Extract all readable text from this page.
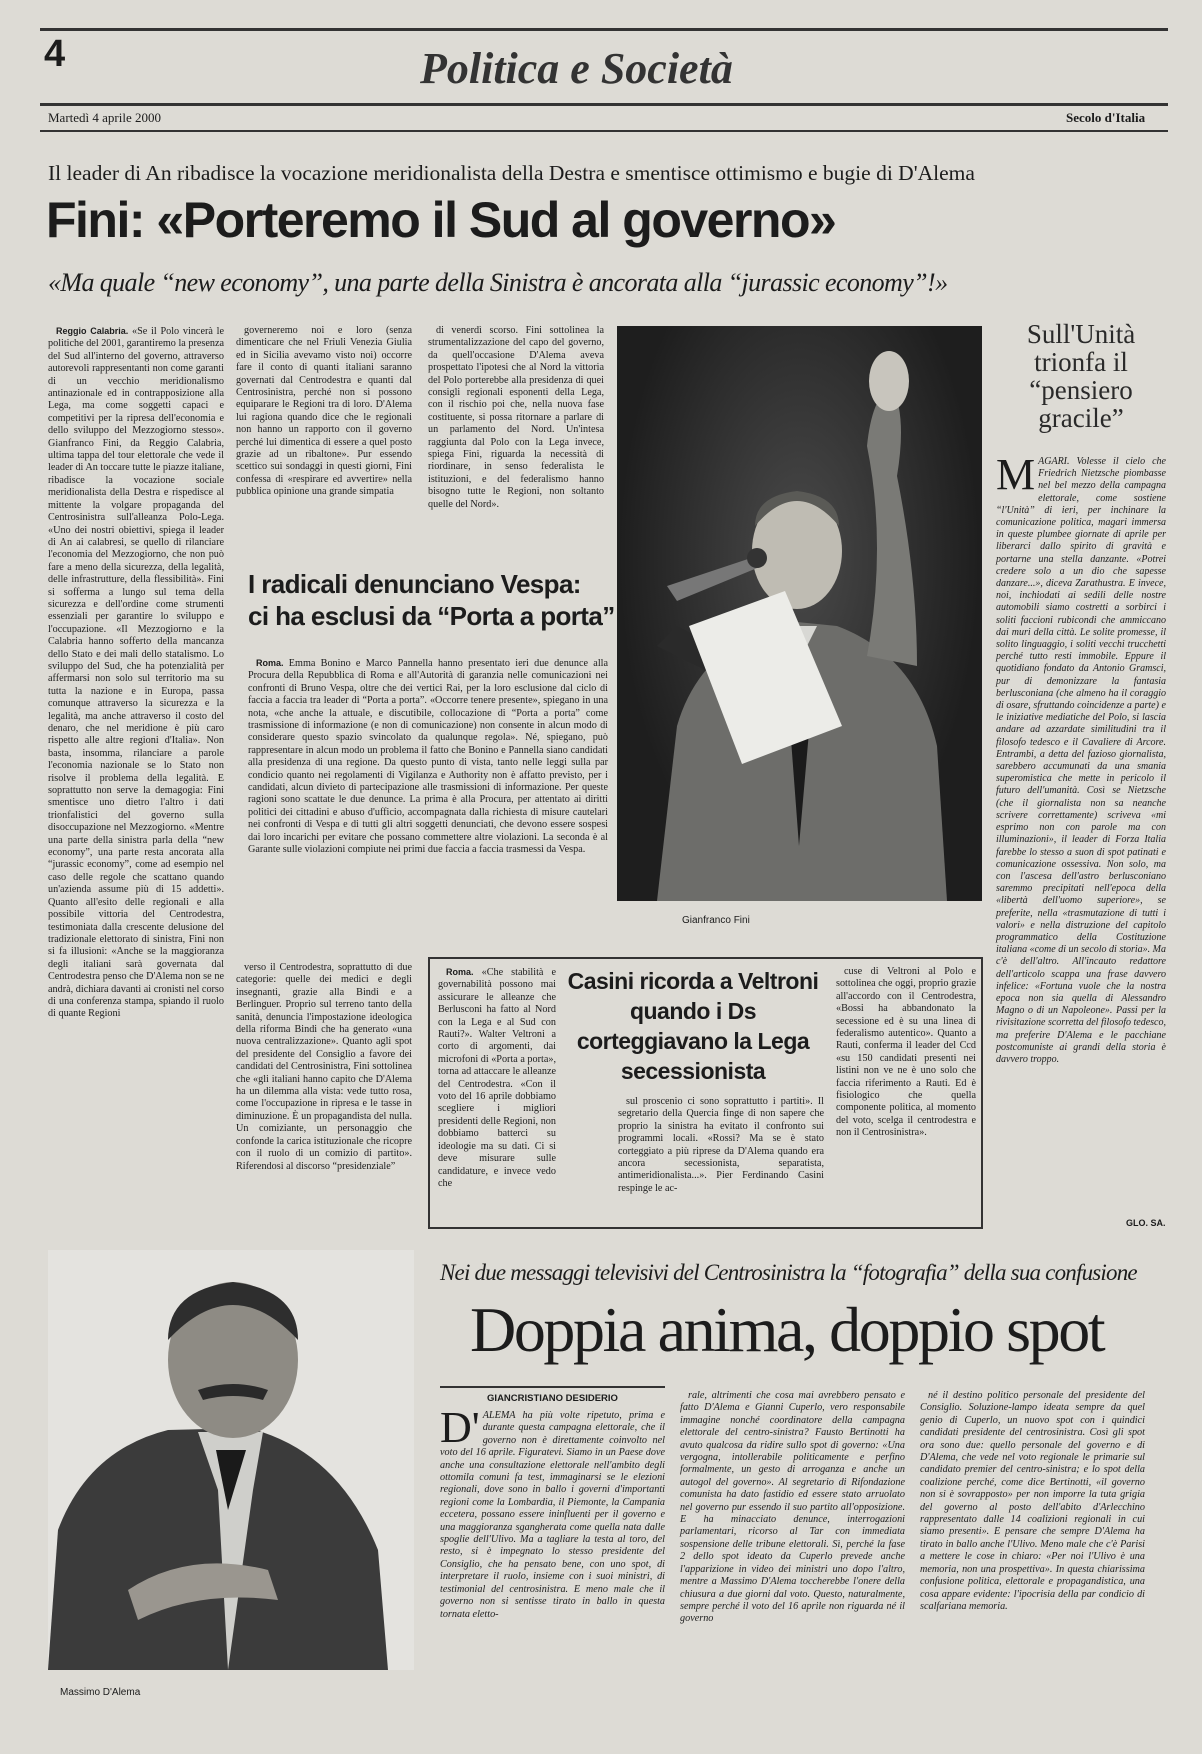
4	Politica e Società
Martedì 4 aprile 2000	Secolo d'Italia
Il leader di An ribadisce la vocazione meridionalista della Destra e smentisce ottimismo e bugie di D'Alema
Fini: «Porteremo il Sud al governo»
«Ma quale “new economy”, una parte della Sinistra è ancorata alla “jurassic economy”!»

Reggio Calabria. «Se il Polo vincerà le politiche del 2001, garantiremo la presenza del Sud all'interno del governo, attraverso autorevoli rappresentanti non come garanti di un vecchio meridionalismo antinazionale ed in contrapposizione alla Lega, ma come soggetti capaci e competitivi per la ripresa dell'economia e dello sviluppo del Mezzogiorno stesso». Gianfranco Fini, da Reggio Calabria, ultima tappa del tour elettorale che vede il leader di An toccare tutte le piazze italiane, ribadisce la vocazione sociale meridionalista della Destra e rispedisce al mittente la volgare propaganda del Centrosinistra sull'alleanza Polo-Lega. «Uno dei nostri obiettivi, spiega il leader di An ai calabresi, se quello di rilanciare l'economia del Mezzogiorno, che non può fare a meno della sicurezza, della legalità, delle infrastrutture, della flessibilità». Fini si sofferma a lungo sul tema della sicurezza e dell'ordine come strumenti essenziali per garantire lo sviluppo e l'occupazione. «Il Mezzogiorno e la Calabria hanno sofferto della mancanza dello Stato e dei mali dello statalismo. Lo sviluppo del Sud, che ha potenzialità per affermarsi non solo sul territorio ma su tutta la nazione e in Europa, passa comunque attraverso la sicurezza e la legalità, ma anche attraverso il costo del denaro, che nel meridione è più caro rispetto alle altre regioni d'Italia». Non basta, insomma, rilanciare a parole l'economia nazionale se lo Stato non risolve il problema della legalità. E soprattutto non serve la demagogia: Fini smentisce uno dietro l'altro i dati trionfalistici del governo sulla disoccupazione nel Mezzogiorno. «Mentre una parte della sinistra parla della “new economy”, una parte resta ancorata alla “jurassic economy”, come ad esempio nel caso delle regole che scattano quando un'azienda assume più di 15 addetti». Quanto all'esito delle regionali e alla possibile vittoria del Centrodestra, testimoniata dalla crescente delusione del tradizionale elettorato di sinistra, Fini non si fa illusioni: «Anche se la maggioranza degli italiani sarà governata dal Centrodestra penso che D'Alema non se ne andrà, dichiara davanti ai cronisti nel corso di una conferenza stampa, spiando il ruolo di quante Regioni

governeremo noi e loro (senza dimenticare che nel Friuli Venezia Giulia ed in Sicilia avevamo visto noi) occorre fare il conto di quanti italiani saranno governati dal Centrodestra e quanti dal Centrosinistra, perché non si possono equiparare le Regioni tra di loro. D'Alema lui ragiona quando dice che le regionali non hanno un rapporto con il governo perché lui dimentica di essere a quel posto grazie ad un ribaltone». Pur essendo scettico sui sondaggi in questi giorni, Fini confessa di «respirare ed avvertire» nella pubblica opinione una grande simpatia

di venerdì scorso. Fini sottolinea la strumentalizzazione del capo del governo, da quell'occasione D'Alema aveva prospettato l'ipotesi che al Nord la vittoria del Polo porterebbe alla presidenza di quei consigli regionali esponenti della Lega, con il rischio poi che, nella nuova fase costituente, si possa ritornare a parlare di un parlamento del Nord. Un'intesa raggiunta dal Polo con la Lega invece, spiega Fini, riguarda la necessità di riordinare, in senso federalista le istituzioni, e del federalismo hanno bisogno tutte le Regioni, non soltanto quelle del Nord».

Gianfranco Fini
I radicali denunciano Vespa:
ci ha esclusi da “Porta a porta”

Roma. Emma Bonino e Marco Pannella hanno presentato ieri due denunce alla Procura della Repubblica di Roma e all'Autorità di garanzia nelle comunicazioni nei confronti di Bruno Vespa, oltre che dei vertici Rai, per la loro esclusione dal ciclo di faccia a faccia tra leader di “Porta a porta”. «Occorre tenere presente», spiegano in una nota, «che anche la attuale, e discutibile, collocazione di “Porta a porta” come trasmissione di informazione (e non di comunicazione) non consente in alcun modo di considerare questo spazio svincolato da qualunque regola». Né, spiegano, può rappresentare in alcun modo un problema il fatto che Bonino e Pannella siano candidati alla presidenza di una regione. Da questo punto di vista, tanto nelle leggi sulla par condicio quanto nei regolamenti di Vigilanza e Authority non è affatto previsto, per i candidati, alcun divieto di partecipazione alle trasmissioni di informazione. Per queste ragioni sono scattate le due denunce. La prima è alla Procura, per attentato ai diritti politici dei cittadini e abuso d'ufficio, accompagnata dalla richiesta di misure cautelari nei confronti di Vespa e di tutti gli altri soggetti denunciati, che devono essere sospesi dai loro incarichi per evitare che possano commettere altre violazioni. La seconda è al Garante sulle violazioni compiute nei primi due faccia a faccia trasmessi da Vespa.

Sull'Unità trionfa il “pensiero gracile”
MAGARI. Volesse il cielo che Friedrich Nietzsche piombasse nel bel mezzo della campagna elettorale, come sostiene “l'Unità” di ieri, per inchinare la comunicazione politica, magari immersa in queste plumbee giornate di aprile per liberarci dallo spirito di gravità e portarne una stella danzante. «Potrei credere solo a un dio che sapesse danzare...», diceva Zarathustra. E invece, noi, inchiodati ai sedili delle nostre automobili siamo costretti a sorbirci i soliti faccioni rubicondi che ammiccano dai muri della città. Le solite promesse, il solito linguaggio, i soliti vecchi trucchetti perché tutto resti immobile. Eppure il quotidiano fondato da Antonio Gramsci, pur di demonizzare la fantasia berlusconiana (che almeno ha il coraggio di osare, sfruttando coincidenze a parte) e le iniziative mediatiche del Polo, si lascia andare ad azzardate similitudini tra il filosofo tedesco e il Cavaliere di Arcore. Entrambi, a detta del fazioso giornalista, sarebbero accumunati da una smania superomistica che mette in pericolo il futuro dell'umanità. Così se Nietzsche (che il giornalista non sa neanche scrivere correttamente) scriveva «mi esprimo non con parole ma con illuminazioni», il leader di Forza Italia farebbe lo stesso a suon di spot patinati e comunicazione ossessiva. Non solo, ma con l'ascesa dell'astro berlusconiano saremmo precipitati nell'epoca della «libertà dell'uomo superiore», se preferite, nella «trasmutazione di tutti i valori» e nella distruzione del capitolo programmatico della Costituzione italiana «come di un secolo di storia». Ma c'è dell'altro. All'incauto redattore dell'articolo scappa una frase davvero infelice: «Fortuna vuole che la nostra epoca non sia quella di Alessandro Magno o di un Napoleone». Passi per la rivisitazione scorretta del filosofo tedesco, ma preferire D'Alema e le pacchiane postcomuniste ai grandi della storia è davvero troppo.
GLO. SA.

verso il Centrodestra, soprattutto di due categorie: quelle dei medici e degli insegnanti, grazie alla Bindi e a Berlinguer. Proprio sul terreno tanto della sanità, denuncia l'impostazione ideologica della riforma Bindi che ha generato «una nuova centralizzazione». Quanto agli spot del presidente del Consiglio a favore dei candidati del Centrosinistra, Fini sottolinea che «gli italiani hanno capito che D'Alema ha un dilemma alla vista: vede tutto rosa, come l'occupazione in ripresa e le tasse in diminuzione. È un propagandista del nulla. Un comiziante, un personaggio che confonde la carica istituzionale che ricopre con il ruolo di un comizio di partito». Riferendosi al discorso “presidenziale”

Roma. «Che stabilità e governabilità possono mai assicurare le alleanze che Berlusconi ha fatto al Nord con la Lega e al Sud con Rauti?». Walter Veltroni a corto di argomenti, dai microfoni di «Porta a porta», torna ad attaccare le alleanze del Centrodestra. «Con il voto del 16 aprile dobbiamo scegliere i migliori presidenti delle Regioni, non dobbiamo batterci su ideologie ma su dati. Ci si deve misurare sulle candidature, e invece vedo che

Casini ricorda a Veltroni quando i Ds corteggiavano la Lega secessionista

sul proscenio ci sono soprattutto i partiti». Il segretario della Quercia finge di non sapere che proprio la sinistra ha evitato il confronto sui programmi locali. «Rossi? Ma se è stato corteggiato a più riprese da D'Alema quando era ancora secessionista, separatista, antimeridionalista...». Pier Ferdinando Casini respinge le ac-

cuse di Veltroni al Polo e sottolinea che oggi, proprio grazie all'accordo con il Centrodestra, «Bossi ha abbandonato la secessione ed è su una linea di federalismo autentico». Quanto a Rauti, conferma il leader del Ccd «su 150 candidati presenti nei listini non ve ne è uno solo che faccia riferimento a Rauti. Ed è fisiologico che quella componente politica, al momento del voto, scelga il centrodestra e non il Centrosinistra».

Massimo D'Alema
Nei due messaggi televisivi del Centrosinistra la “fotografia” della sua confusione
Doppia anima, doppio spot
GIANCRISTIANO DESIDERIO
D' ALEMA ha più volte ripetuto, prima e durante questa campagna elettorale, che il governo non è direttamente coinvolto nel voto del 16 aprile. Figuratevi. Siamo in un Paese dove anche una consultazione elettorale nell'ambito degli ottomila comuni fa test, immaginarsi se le elezioni regionali, dove sono in ballo i governi d'importanti regioni come la Lombardia, il Piemonte, la Campania eccetera, possano essere ininfluenti per il governo e una maggioranza sgangherata come quella nata dalle spoglie dell'Ulivo. Ma a tagliare la testa al toro, del resto, si è impegnato lo stesso presidente del Consiglio, che ha pensato bene, con uno spot, di interpretare il ruolo, insieme con i suoi ministri, di testimonial del centrosinistra. E meno male che il governo non si sentisse tirato in ballo in questa tornata eletto-

rale, altrimenti che cosa mai avrebbero pensato e fatto D'Alema e Gianni Cuperlo, vero responsabile immagine nonché coordinatore della campagna elettorale del centro-sinistra? Fausto Bertinotti ha avuto qualcosa da ridire sullo spot di governo: «Una vergogna, intollerabile politicamente e perfino formalmente, un gesto di arroganza e anche un autogol del governo». Al segretario di Rifondazione comunista ha dato fastidio ed essere stato arruolato nel governo pur essendo il suo partito all'opposizione. E ha minacciato denunce, interrogazioni parlamentari, ricorso al Tar con immediata sospensione delle tribune elettorali. Sì, perché la fase 2 dello spot ideato da Cuperlo prevede anche l'apparizione in video dei ministri uno dopo l'altro, mentre a Massimo D'Alema toccherebbe l'onere della chiusura a due giorni dal voto. Questo, naturalmente, sempre perché il voto del 16 aprile non riguarda né il governo

né il destino politico personale del presidente del Consiglio. Soluzione-lampo ideata sempre da quel genio di Cuperlo, un nuovo spot con i quindici candidati presidente del centrosinistra. Così gli spot ora sono due: quello personale del governo e di D'Alema, che vede nel voto regionale le primarie sul candidato premier del centro-sinistra; e lo spot della coalizione perché, come dice Bertinotti, «il governo non si è sovrapposto» per non imporre la tuta grigia del governo al posto dell'abito d'Arlecchino rappresentato dalle 14 coalizioni regionali in cui siamo presenti». E pensare che sempre D'Alema ha tirato in ballo anche l'Ulivo. Meno male che c'è Parisi a mettere le cose in chiaro: «Per noi l'Ulivo è una memoria, non una prospettiva». In questa chiarissima confusione politica, elettorale e propagandistica, una cosa appare evidente: l'ipocrisia della par condicio di scalfariana memoria.
